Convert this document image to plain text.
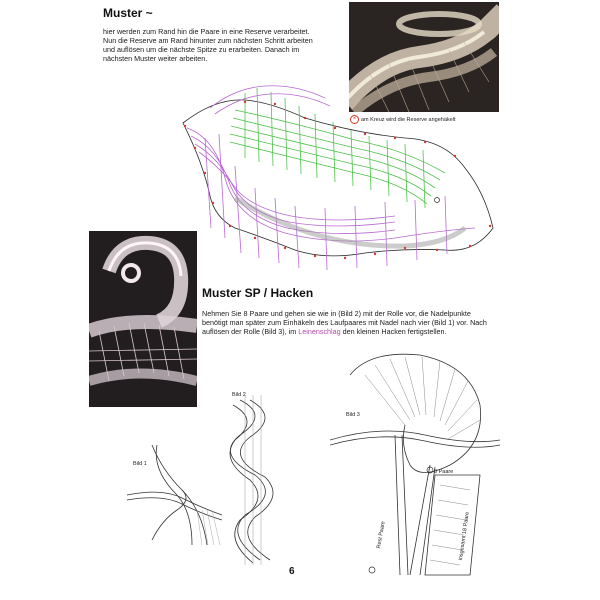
Muster ~

hier werden zum Rand hin die Paare in eine Reserve verarbeitet. Nun die Reserve am Rand hinunter zum nächsten Schritt arbeiten und auflösen um die nächste Spitze zu erarbeiten. Danach im nächsten Muster weiter arbeiten.

× am Kreuz wird die Reserve angehäkelt
Muster SP / Hacken

Nehmen Sie 8 Paare und gehen sie wie in (Bild 2) mit der Rolle vor, die Nadelpunkte benötigt man später zum Einhäkeln des Laufpaares mit Nadel nach vier (Bild 1) vor. Nach auflösen der Rolle (Bild 3), im Leinenschlag den kleinen Hacken fertigstellen.

Bild 1
Bild 2
Bild 3
8 Paare
Rest Paare	insgesamt 18 Paare
6
